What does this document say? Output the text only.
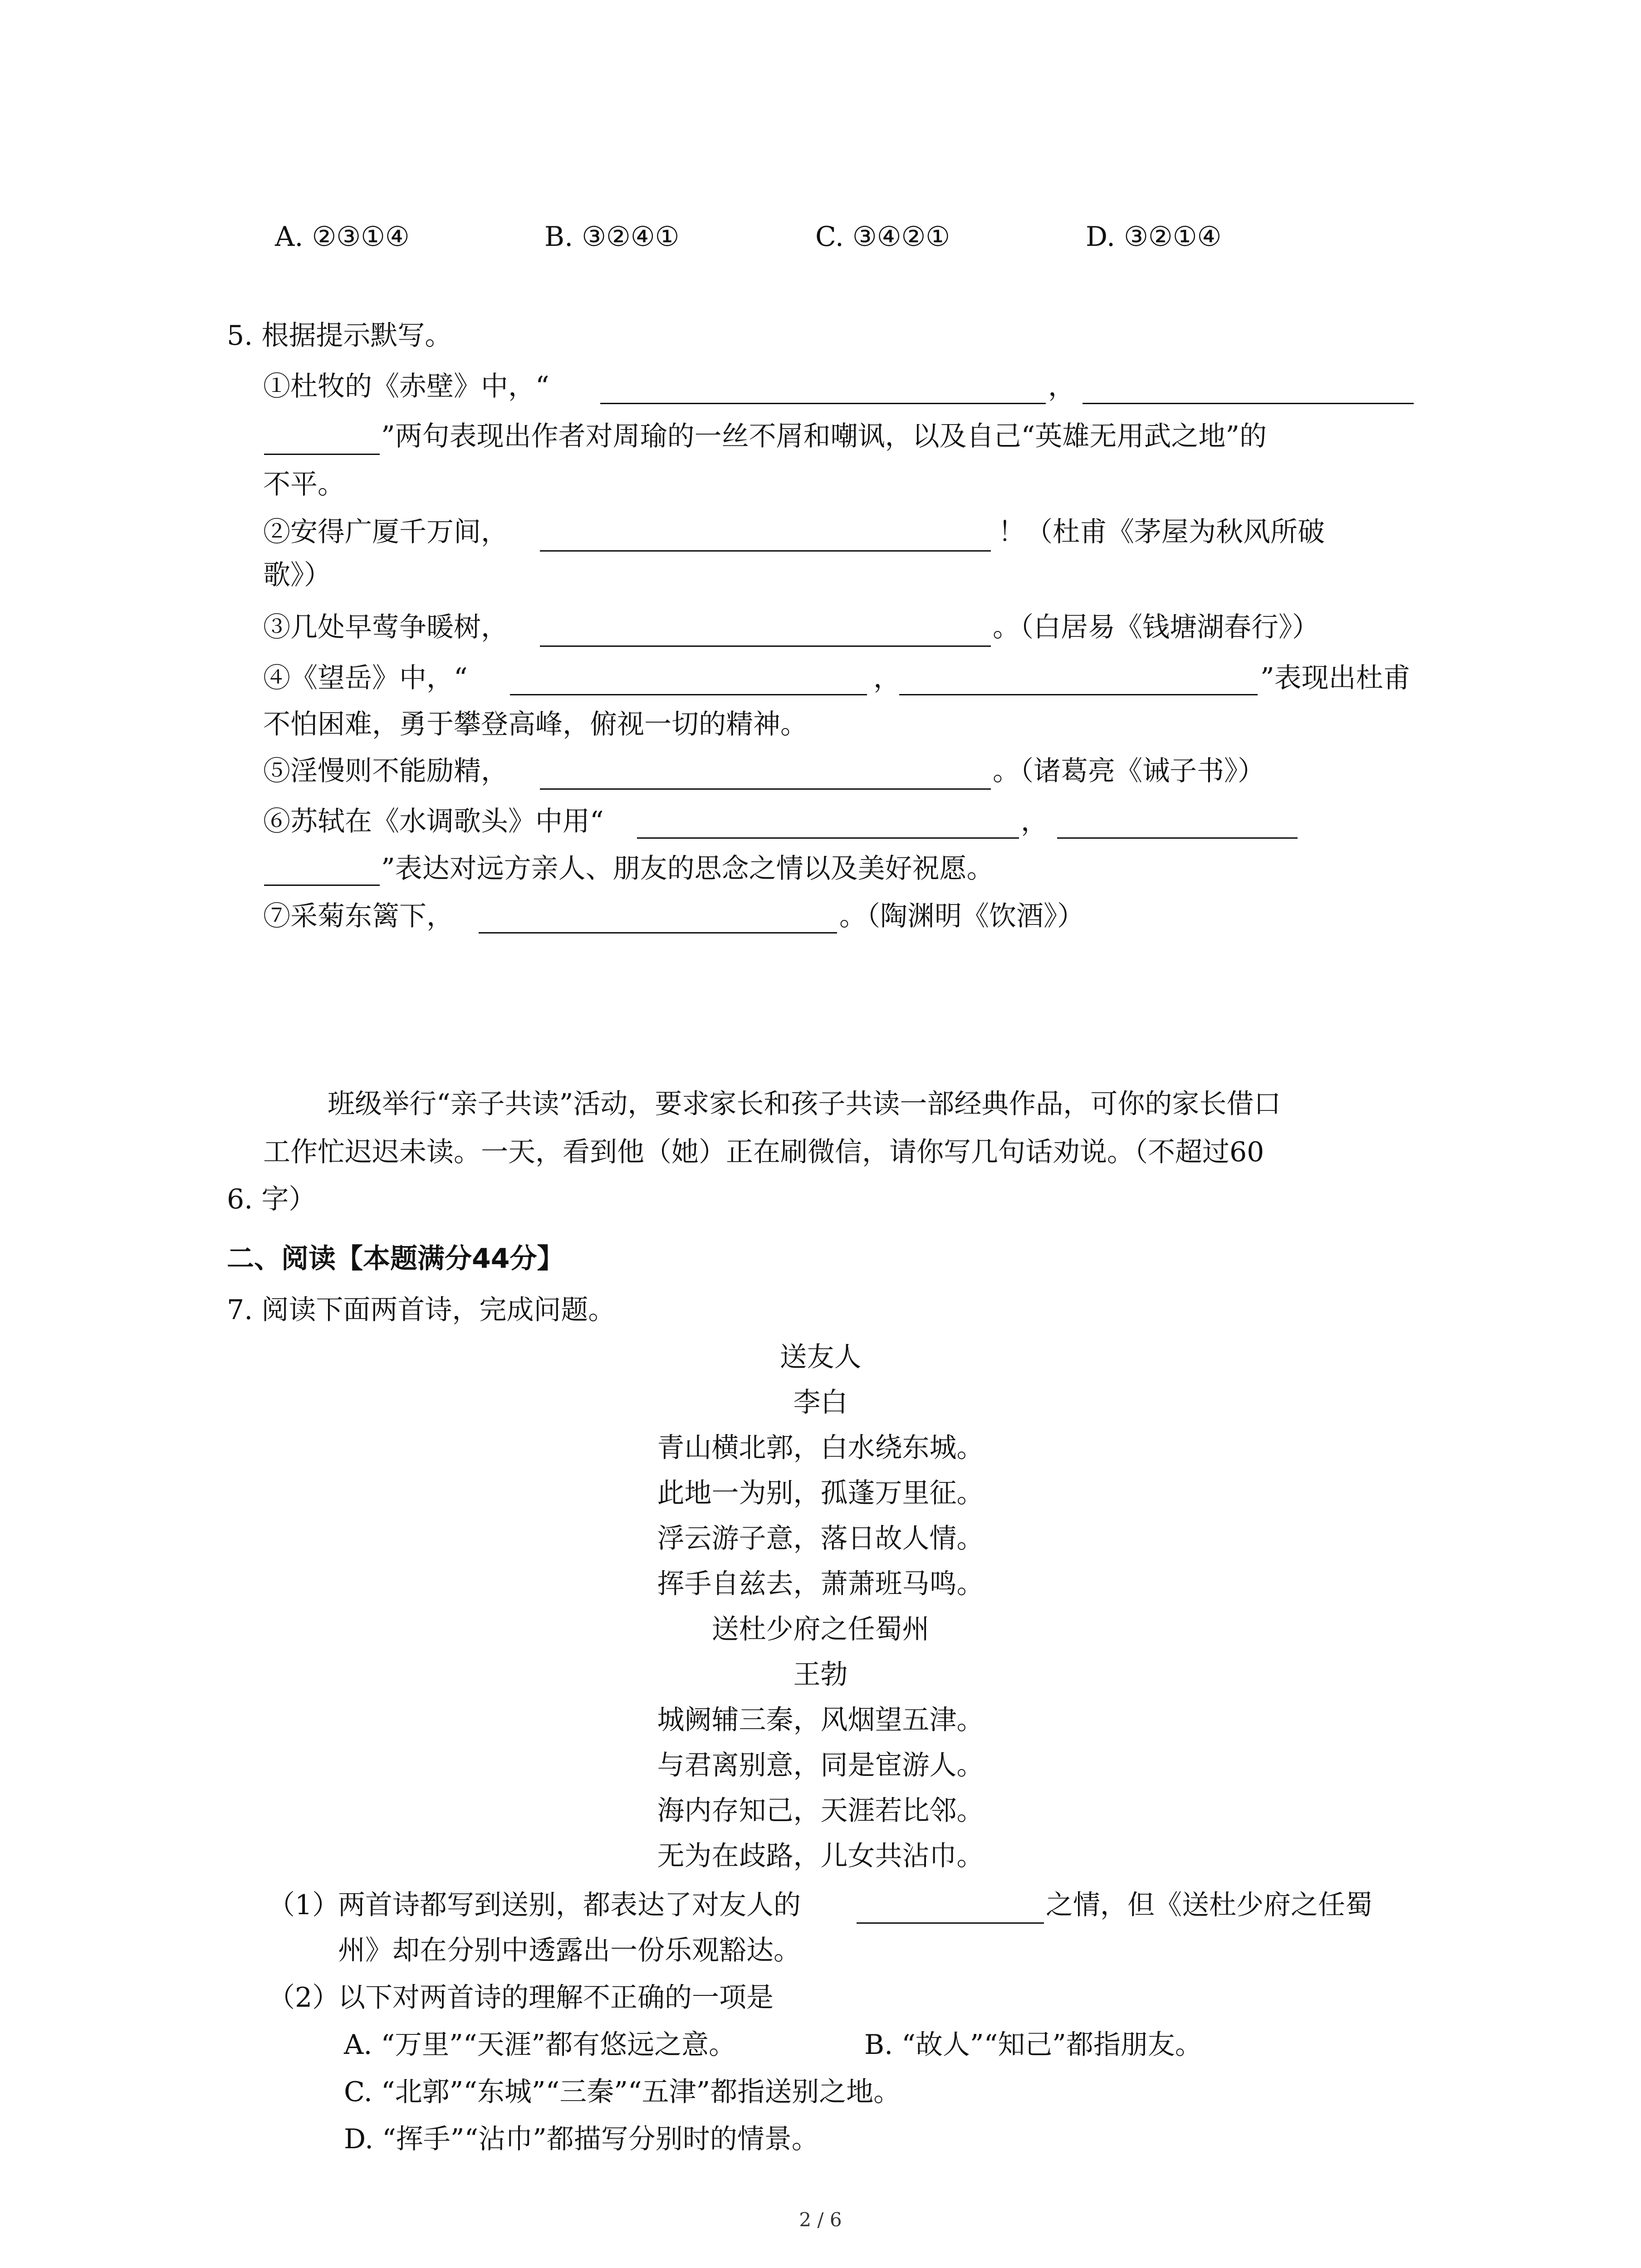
A. ②③①④	B. ③②④①	C. ③④②①	D. ③②①④
5. 根据提示默写。
①杜牧的《赤壁》中，“	，
”两句表现出作者对周瑜的一丝不屑和嘲讽，以及自己“英雄无用武之地”的
不平。
②安得广厦千万间，	！（杜甫《茅屋为秋风所破
歌》）
③几处早莺争暖树，	。（白居易《钱塘湖春行》）
④《望岳》中，“	，	”表现出杜甫
不怕困难，勇于攀登高峰，俯视一切的精神。
⑤淫慢则不能励精，	。（诸葛亮《诫子书》）
⑥苏轼在《水调歌头》中用“	，
”表达对远方亲人、朋友的思念之情以及美好祝愿。
⑦采菊东篱下，	。（陶渊明《饮酒》）
班级举行“亲子共读”活动，要求家长和孩子共读一部经典作品，可你的家长借口
工作忙迟迟未读。一天，看到他（她）正在刷微信，请你写几句话劝说。（不超过60
6. 字）
二、阅读【本题满分44分】
7. 阅读下面两首诗，完成问题。
送友人
李白
青山横北郭，白水绕东城。
此地一为别，孤蓬万里征。
浮云游子意，落日故人情。
挥手自兹去，萧萧班马鸣。
送杜少府之任蜀州
王勃
城阙辅三秦，风烟望五津。
与君离别意，同是宦游人。
海内存知己，天涯若比邻。
无为在歧路，儿女共沾巾。
（1）
两首诗都写到送别，都表达了对友人的	之情，但《送杜少府之任蜀
州》却在分别中透露出一份乐观豁达。
（2）
以下对两首诗的理解不正确的一项是
A. “万里”“天涯”都有悠远之意。	B. “故人”“知己”都指朋友。
C. “北郭”“东城”“三秦”“五津”都指送别之地。
D. “挥手”“沾巾”都描写分别时的情景。
2 / 6
